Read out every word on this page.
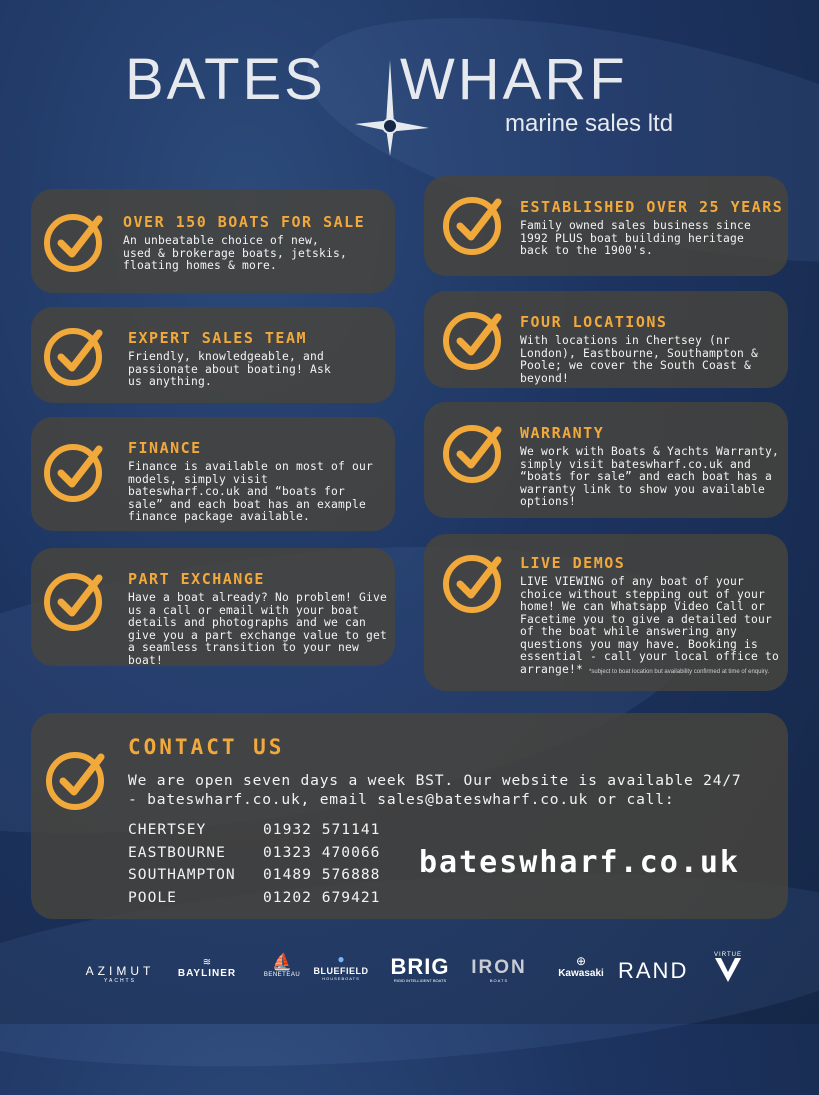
BATES WHARF
marine sales ltd
OVER 150 BOATS FOR SALE

An unbeatable choice of new, used & brokerage boats, jetskis, floating homes & more.

ESTABLISHED OVER 25 YEARS

Family owned sales business since 1992 PLUS boat building heritage back to the 1900's.

EXPERT SALES TEAM

Friendly, knowledgeable, and passionate about boating! Ask us anything.

FOUR LOCATIONS

With locations in Chertsey (nr London), Eastbourne, Southampton & Poole; we cover the South Coast & beyond!

FINANCE

Finance is available on most of our models, simply visit bateswharf.co.uk and “boats for sale” and each boat has an example finance package available.

WARRANTY

We work with Boats & Yachts Warranty, simply visit bateswharf.co.uk and “boats for sale” and each boat has a warranty link to show you available options!

PART EXCHANGE

Have a boat already? No problem! Give us a call or email with your boat details and photographs and we can give you a part exchange value to get a seamless transition to your new boat!

LIVE DEMOS

LIVE VIEWING of any boat of your choice without stepping out of your home! We can Whatsapp Video Call or Facetime you to give a detailed tour of the boat while answering any questions you may have. Booking is essential - call your local office to arrange!* *subject to boat location but availability confirmed at time of enquiry.

CONTACT US

We are open seven days a week BST. Our website is available 24/7 - bateswharf.co.uk, email sales@bateswharf.co.uk or call:

CHERTSEY	01932 571141
EASTBOURNE	01323 470066
SOUTHAMPTON	01489 576888
POOLE	01202 679421
bateswharf.co.uk
AZIMUT
YACHTS
≋
BAYLINER
⛵
BENETEAU
●
BLUEFIELD
HOUSEBOATS	BRIG
RIGID INTELLIGENT BOATS
IRON
BOATS
⊕
Kawasaki RAND
VIRTUE
